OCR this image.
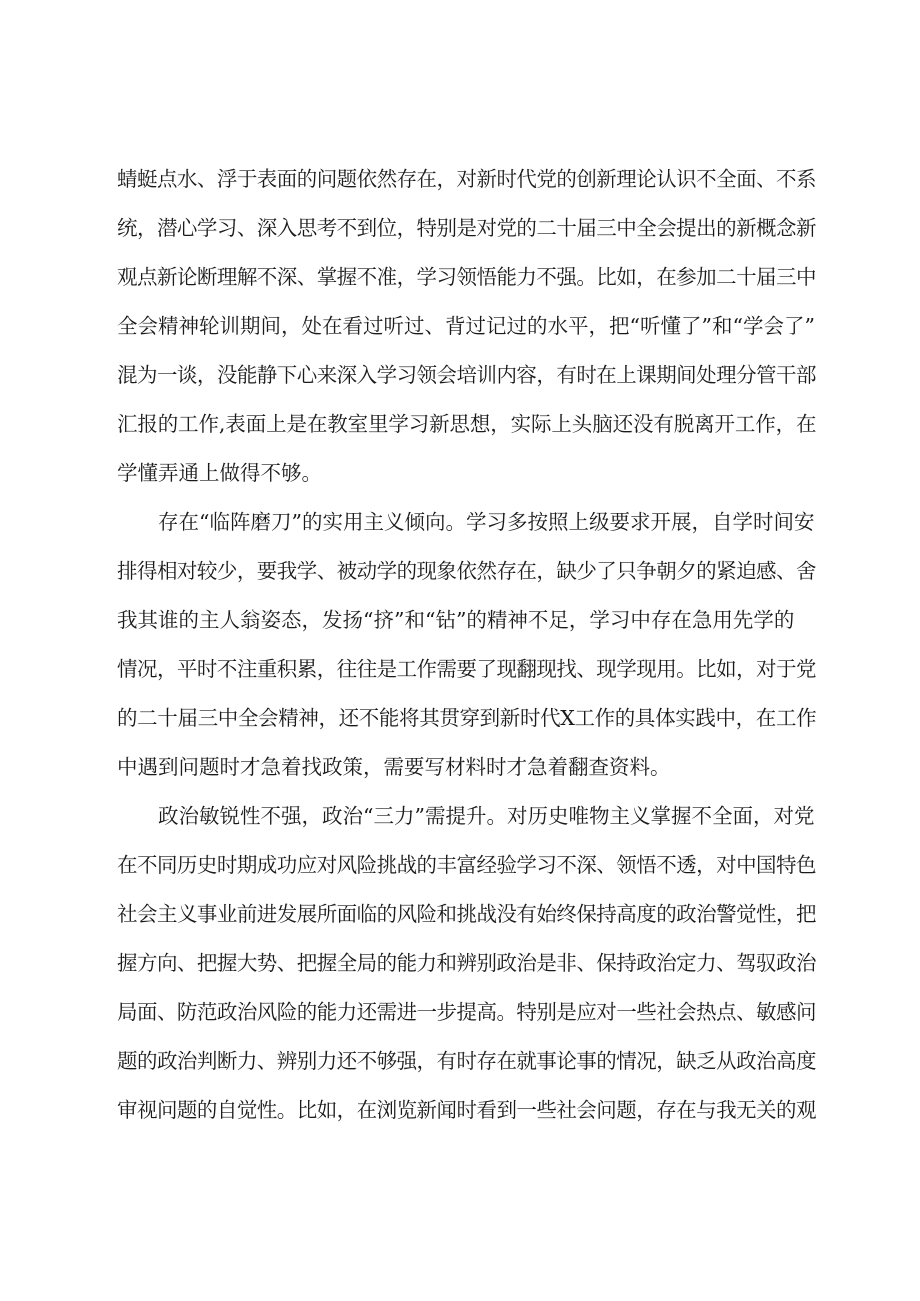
蜻蜓点水、浮于表面的问题依然存在，对新时代党的创新理论认识不全面、不系
统，潜心学习、深入思考不到位，特别是对党的二十届三中全会提出的新概念新
观点新论断理解不深、掌握不准，学习领悟能力不强。比如，在参加二十届三中
全会精神轮训期间，处在看过听过、背过记过的水平，把“听懂了”和“学会了”
混为一谈，没能静下心来深入学习领会培训内容，有时在上课期间处理分管干部
汇报的工作,表面上是在教室里学习新思想，实际上头脑还没有脱离开工作，在
学懂弄通上做得不够。
存在“临阵磨刀”的实用主义倾向。学习多按照上级要求开展，自学时间安
排得相对较少，要我学、被动学的现象依然存在，缺少了只争朝夕的紧迫感、舍
我其谁的主人翁姿态，发扬“挤”和“钻”的精神不足，学习中存在急用先学的
情况，平时不注重积累，往往是工作需要了现翻现找、现学现用。比如，对于党
的二十届三中全会精神，还不能将其贯穿到新时代X工作的具体实践中，在工作
中遇到问题时才急着找政策，需要写材料时才急着翻查资料。
政治敏锐性不强，政治“三力”需提升。对历史唯物主义掌握不全面，对党
在不同历史时期成功应对风险挑战的丰富经验学习不深、领悟不透，对中国特色
社会主义事业前进发展所面临的风险和挑战没有始终保持高度的政治警觉性，把
握方向、把握大势、把握全局的能力和辨别政治是非、保持政治定力、驾驭政治
局面、防范政治风险的能力还需进一步提高。特别是应对一些社会热点、敏感问
题的政治判断力、辨别力还不够强，有时存在就事论事的情况，缺乏从政治高度
审视问题的自觉性。比如，在浏览新闻时看到一些社会问题，存在与我无关的观
